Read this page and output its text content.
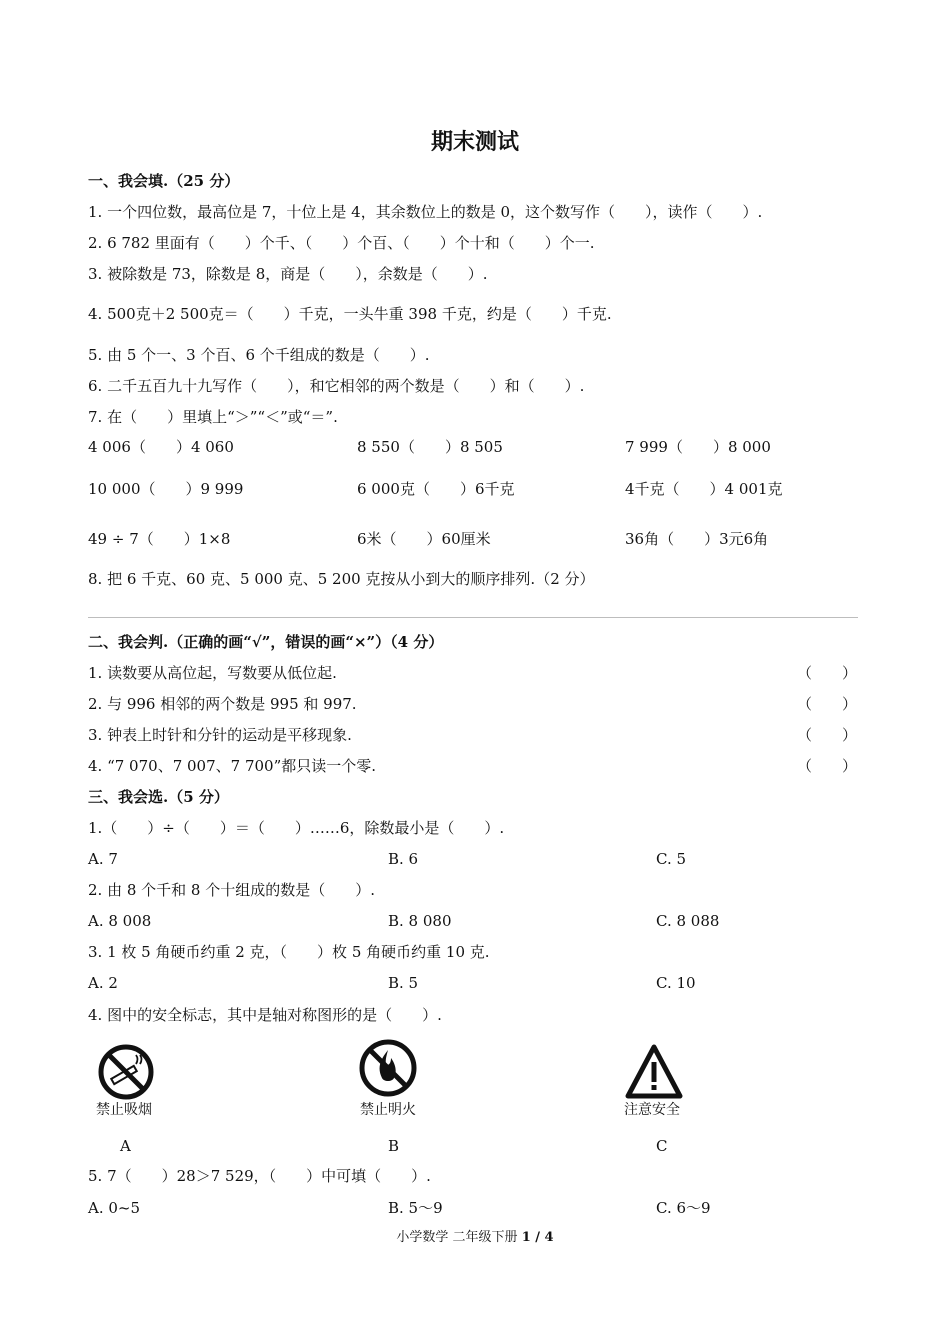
期末测试
一、我会填.（25 分）
1. 一个四位数，最高位是 7，十位上是 4，其余数位上的数是 0，这个数写作（　　），读作（　　）.
2. 6 782 里面有（　　）个千、（　　）个百、（　　）个十和（　　）个一.
3. 被除数是 73，除数是 8，商是（　　），余数是（　　）.
4. 500克＋2 500克＝（　　）千克，一头牛重 398 千克，约是（　　）千克.
5. 由 5 个一、3 个百、6 个千组成的数是（　　）.
6. 二千五百九十九写作（　　），和它相邻的两个数是（　　）和（　　）.
7. 在（　　）里填上“＞”“＜”或“＝”.
4 006（　　）4 060	8 550（　　）8 505	7 999（　　）8 000
10 000（　　）9 999	6 000克（　　）6千克	4千克（　　）4 001克
49 ÷ 7（　　）1×8	6米（　　）60厘米	36角（　　）3元6角
8. 把 6 千克、60 克、5 000 克、5 200 克按从小到大的顺序排列.（2 分）
二、我会判.（正确的画“√”，错误的画“×”）（4 分）
1. 读数要从高位起，写数要从低位起.	（　　）
2. 与 996 相邻的两个数是 995 和 997.	（　　）
3. 钟表上时针和分针的运动是平移现象.	（　　）
4. “7 070、7 007、7 700”都只读一个零.	（　　）
三、我会选.（5 分）
1.（　　）÷（　　）＝（　　）……6，除数最小是（　　）.
A. 7	B. 6	C. 5
2. 由 8 个千和 8 个十组成的数是（　　）.
A. 8 008	B. 8 080	C. 8 088
3. 1 枚 5 角硬币约重 2 克，（　　）枚 5 角硬币约重 10 克.
A. 2	B. 5	C. 10
4. 图中的安全标志，其中是轴对称图形的是（　　）.
禁止吸烟
A
禁止明火
B
注意安全
C
5. 7（　　）28＞7 529，（　　）中可填（　　）.
A. 0~5	B. 5～9	C. 6～9
小学数学 二年级下册 1 / 4
